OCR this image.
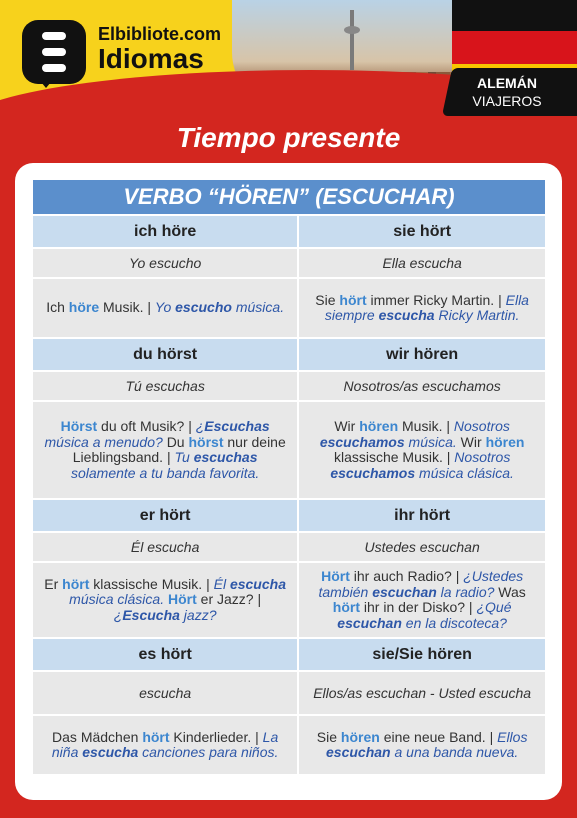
ALEMÁN
VIAJEROS
Elbibliote.com
Idiomas
Tiempo presente
VERBO “HÖREN” (ESCUCHAR)	
ich höre	sie hört
Yo escucho	Ella escucha
Ich höre Musik. | Yo escucho música.	Sie hört immer Ricky Martin. | Ella siempre escucha Ricky Martin.
du hörst	wir hören
Tú escuchas	Nosotros/as escuchamos
Hörst du oft Musik? | ¿Escuchas música a menudo? Du hörst nur deine Lieblingsband. | Tu escuchas solamente a tu banda favorita.	Wir hören Musik. | Nosotros escuchamos música. Wir hören klassische Musik. | Nosotros escuchamos música clásica.
er hört	ihr hört
Él escucha	Ustedes escuchan
Er hört klassische Musik. | Él escucha música clásica. Hört er Jazz? | ¿Escucha jazz?	Hört ihr auch Radio? | ¿Ustedes también escuchan la radio? Was hört ihr in der Disko? | ¿Qué escuchan en la discoteca?
es hört	sie/Sie hören
escucha	Ellos/as escuchan - Usted escucha
Das Mädchen hört Kinderlieder. | La niña escucha canciones para niños.	Sie hören eine neue Band. | Ellos escuchan a una banda nueva.
